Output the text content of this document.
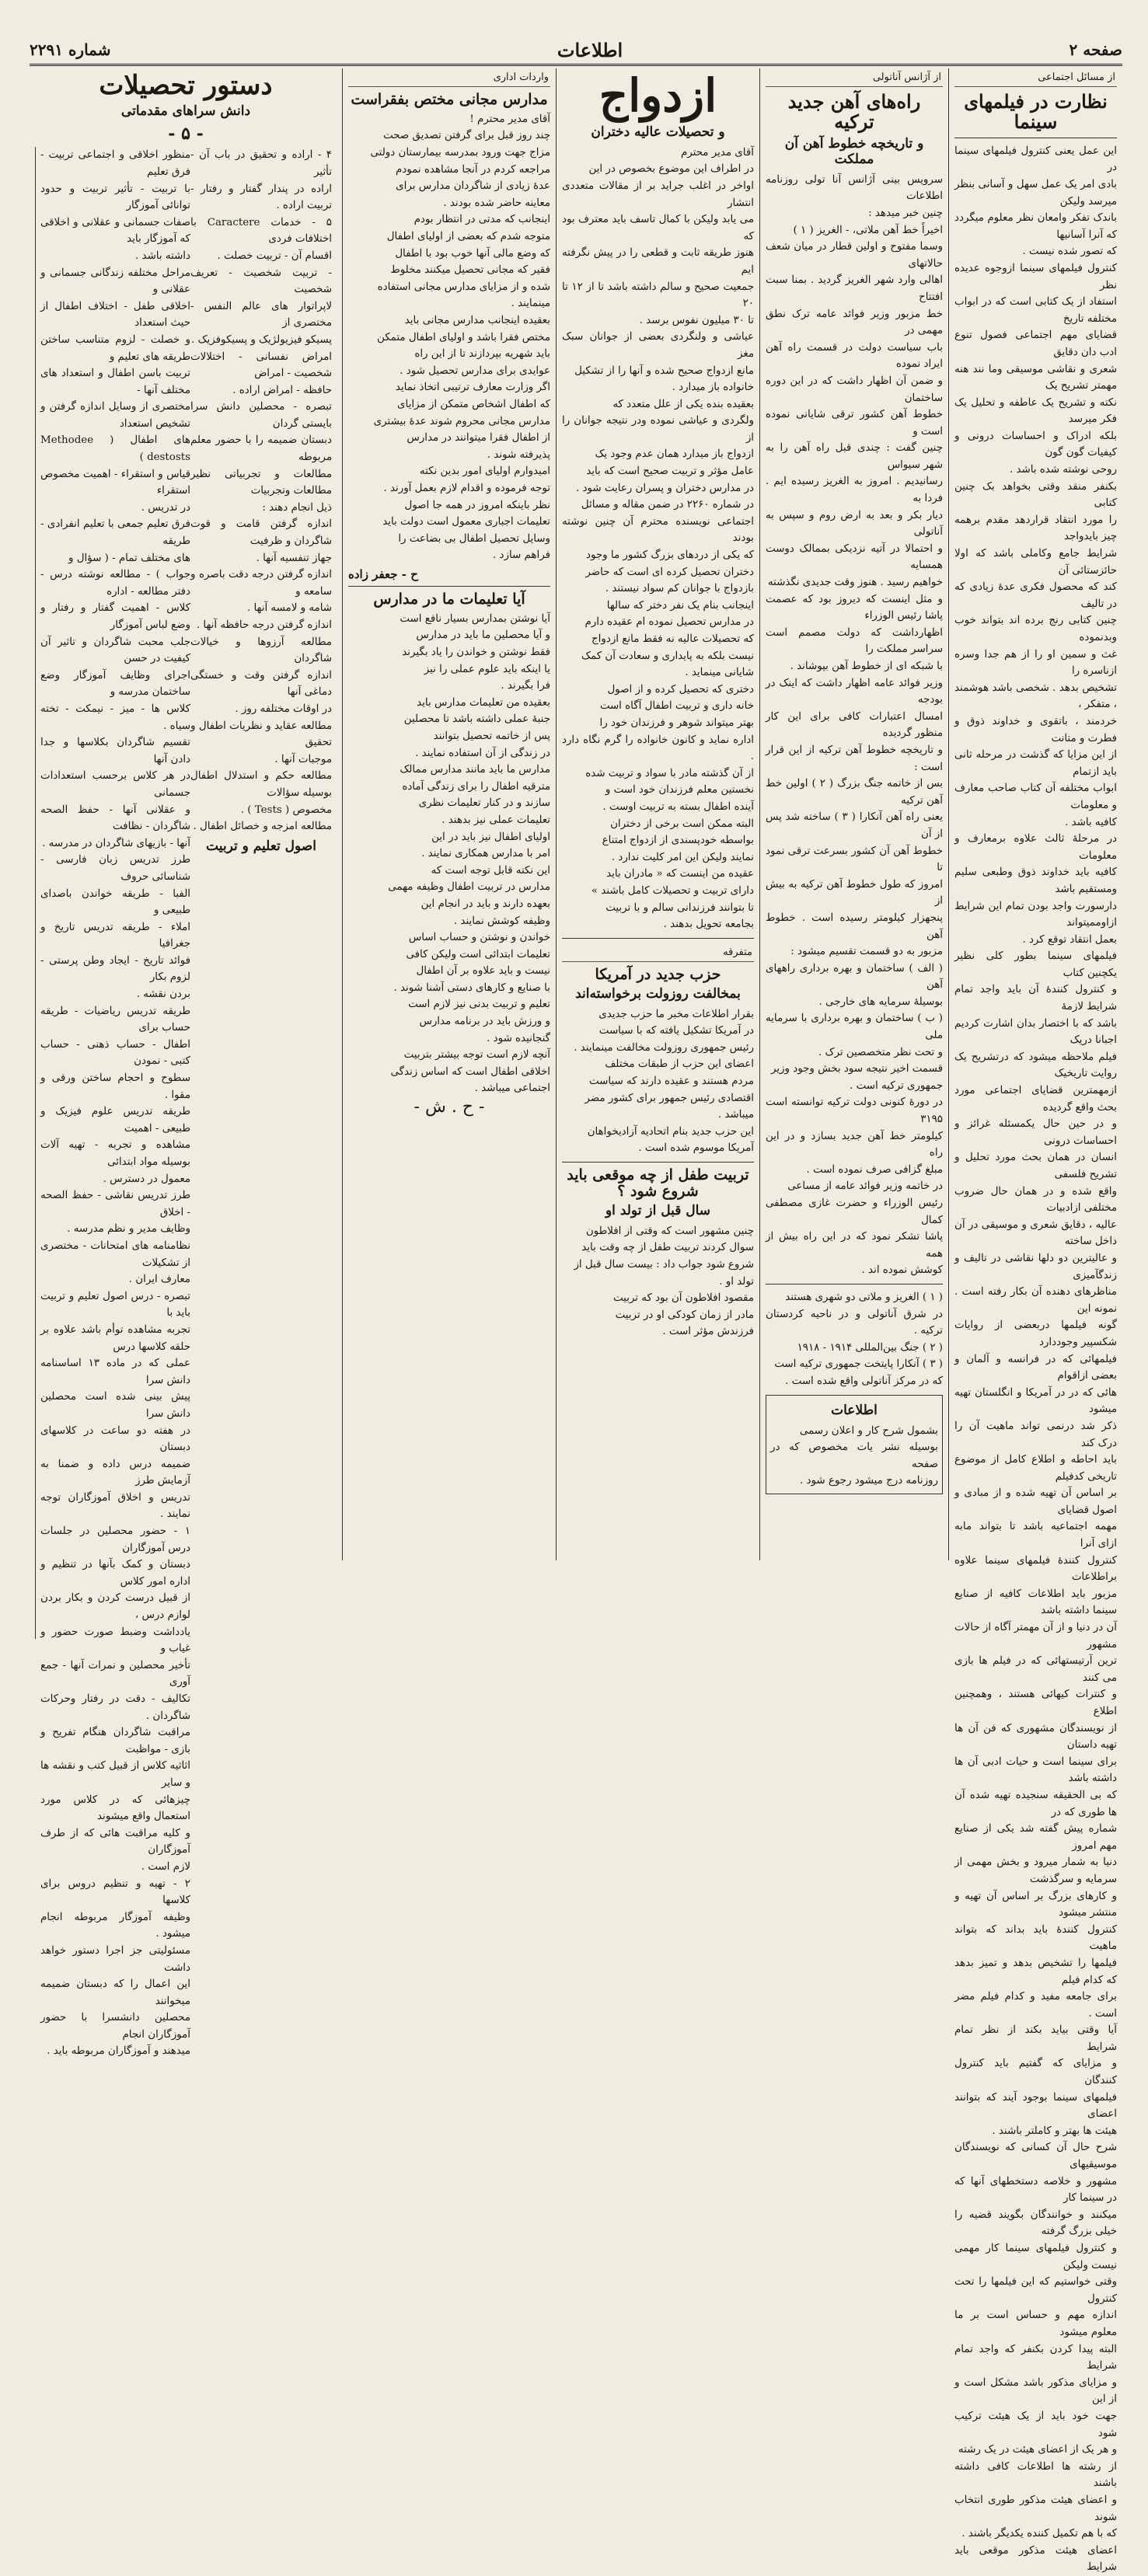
صفحه ۲
اطلاعات
شماره ۲۲۹۱
از مسائل اجتماعی
نظارت در فیلمهای سینما
این عمل یعنی کنترول فیلمهای سینما در
بادی امر یک عمل سهل و آسانی بنظر میرسد ولیکن
باندک تفکر وامعان نظر معلوم میگردد که آنرا آسانیها
که تصور شده نیست .
کنترول فیلمهای سینما ازوجوه عدیده نظر
استفاد از یک کتابی است که در ابواب مختلفه تاریخ
قضایای مهم اجتماعی فصول تنوع ادب دان دقایق
شعری و نقاشی موسیقی وما نند هنه مهمتر تشریح یک
نکته و تشریح یک عاطفه و تحلیل یک فکر میرسد
بلکه ادراک و احساسات درونی و کیفیات گون گون
روحی نوشته شده باشد .
بکنفر منقد وقتی بخواهد بک چنین کتابی
را مورد انتقاد قراردهد مقدم برهمه چیز بایدواجد
شرایط جامع وکاملی باشد که اولا حائزستائی آن
کند که محصول فکری عدۀ زیادی که در تالیف
چنین کتابی رنج برده اند بتواند خوب وبدنموده
غث و سمین او را از هم جدا وسره ازناسره را
تشخیص بدهد . شخصی باشد هوشمند ، متفکر ،
خردمند ، باتقوی و خداوند ذوق و فطرت و متانت
از این مزایا که گذشت در مرحله ثانی باید ازتمام
ابواب مختلفه آن کتاب صاحب معارف و معلومات
کافیه باشد .
در مرحلۀ ثالث علاوه برمعارف و معلومات
کافیه باید خداوند ذوق وطبعی سلیم ومستقیم باشد
دارسورت واجد بودن تمام این شرایط ازاوممیتواند
بعمل انتقاد توقع کرد .
فیلمهای سینما بطور کلی نظیر یکچنین کتاب
و کنترول کنندۀ آن باید واجد تمام شرایط لازمۀ
باشد که با اختصار بدان اشارت کردیم اجبانا دریک
فیلم ملاحظه میشود که درتشریح یک روایت تاریخیک
ازمهمترین قضایای اجتماعی مورد بحث واقع گردیده
و در حین حال یکمسئله غرائز و احساسات درونی
انسان در همان بحث مورد تحلیل و تشریح فلسفی
واقع شده و در همان حال ضروب مختلفی ازادبیات
عالیه ، دقایق شعری و موسیقی در آن داخل ساخته
و عالیترین دو دلها نقاشی در تالیف و زندگآمیزی
مناظرهای دهنده آن بکار رفته است . نمونه این
گونه فیلمها دربعضی از روایات شکسپیر وجوددارد
فیلمهائی که در فرانسه و آلمان و بعضی ازاقوام
هائی که در در آمریکا و انگلستان تهیه میشود
ذکر شد درنمی تواند ماهیت آن را درک کند
باید احاطه و اطلاع کامل از موضوع تاریخی کدفیلم
بر اساس آن تهیه شده و از مبادی و اصول قضایای
مهمه اجتماعیه باشد تا بتواند مابه ازای آنرا
کنترول کنندۀ فیلمهای سینما علاوه براطلاعات
مزبور باید اطلاعات کافیه از صنایع سینما داشته باشد
آن در دنیا و از آن مهمتر آگاه از حالات مشهور
ترین آرتیستهائی که در فیلم ها بازی می کنند
و کنترات کیهائی هستند ، وهمچنین اطلاع
از نویسندگان مشهوری که فن آن ها تهیه داستان
برای سینما است و حیات ادبی آن ها داشته باشد
که بی الحقیقه سنجیده تهیه شده آن ها طوری که در
شماره پیش گفته شد یکی از صنایع مهم امروز
دنیا به شمار میرود و بخش مهمی از سرمایه و سرگذشت
و کارهای بزرگ بر اساس آن تهیه و منتشر میشود
کنترول کنندۀ باید بداند که بتواند ماهیت
فیلمها را تشخیص بدهد و تمیز بدهد که کدام فیلم
برای جامعه مفید و کدام فیلم مضر است .
آیا وقتی بیاید بکند از نظر تمام شرایط
و مزایای که گفتیم باید کنترول کنندگان
فیلمهای سینما بوجود آیند که بتوانند اعضای
هیئت ها بهتر و کاملتر باشند .
شرح حال آن کسانی که نویسندگان موسیقیهای
مشهور و خلاصه دستخطهای آنها که در سینما کار
میکنند و خوانندگان بگویند قضیه را خیلی بزرگ گرفته
و کنترول فیلمهای سینما کار مهمی نیست ولیکن
وقتی خواستیم که این فیلمها را تحت کنترول
اندازه مهم و حساس است بر ما معلوم میشود
البته پیدا کردن بکنفر که واجد تمام شرایط
و مزایای مذکور باشد مشکل است و از این
جهت خود باید از یک هیئت ترکیب شود
و هر یک از اعضای هیئت در یک رشته
از رشته ها اطلاعات کافی داشته باشند
و اعضای هیئت مذکور طوری انتخاب شوند
که با هم تکمیل کننده یکدیگر باشند .
اعضای هیئت مذکور موقعی باید شرایط
از آژانس آناتولی
راه‌های آهن جدید ترکیه
و تاریخچه خطوط آهن آن مملکت
سرویس بینی آژانس آنا تولی روزنامه اطلاعات
چنین خبر میدهد :
اخیراً خط آهن ملاتی، - الغریز ( ۱ )
وسما مفتوح و اولین قطار در میان شعف حالاتهای
اهالی وارد شهر الغریز گردید . بمنا سبت افتتاح
خط مزبور وزیر فوائد عامه ترک نطق مهمی در
باب سیاست دولت در قسمت راه آهن ایراد نموده
و ضمن آن اظهار داشت که در این دوره ساختمان
خطوط آهن کشور ترقی شایانی نموده است و
چنین گفت : چندی قبل راه آهن را به شهر سیواس
رسانیدیم . امروز به الغریز رسیده ایم . فردا به
دیار بکر و بعد به ارض روم و سپس به آناتولی
و احتمالا در آتیه نزدیکی بممالک دوست همسایه
خواهیم رسید . هنوز وقت جدیدی نگذشته
و مثل اینست که دیروز بود که عصمت پاشا رئیس الوزراء
اظهارداشت که دولت مصمم است سراسر مملکت را
با شبکه ای از خطوط آهن بپوشاند .
وزیر فوائد عامه اظهار داشت که اینک در بودجه
امسال اعتبارات کافی برای این کار منظور گردیده
و تاریخچه خطوط آهن ترکیه از این قرار است :
بس از خاتمه جنگ بزرگ ( ۲ ) اولین خط آهن ترکیه
یعنی راه آهن آنکارا ( ۳ ) ساخته شد پس از آن
خطوط آهن آن کشور بسرعت ترقی نمود تا
امروز که طول خطوط آهن ترکیه به بیش از
پنجهزار کیلومتر رسیده است . خطوط آهن
مزبور به دو قسمت تقسیم میشود :
( الف ) ساختمان و بهره برداری راههای آهن
بوسیلۀ سرمایه های خارجی .
( ب ) ساختمان و بهره برداری با سرمایه ملی
و تحت نظر متخصصین ترک .
قسمت اخیر نتیجه سود بخش وجود وزیر
جمهوری ترکیه است .
در دورۀ کنونی دولت ترکیه توانسته است ۳۱۹۵
کیلومتر خط آهن جدید بسازد و در این راه
مبلغ گزافی صرف نموده است .
در خاتمه وزیر فوائد عامه از مساعی
رئیس الوزراء و حضرت غازی مصطفی کمال
پاشا تشکر نمود که در این راه بیش از همه
کوشش نموده اند .
( ۱ ) الغریز و ملاتی دو شهری هستند
در شرق آناتولی و در ناحیه کردستان ترکیه .
( ۲ ) جنگ بین‌المللی ۱۹۱۴ - ۱۹۱۸
( ۳ ) آنکارا پایتخت جمهوری ترکیه است
که در مرکز آناتولی واقع شده است .
اطلاعات
بشمول شرح کار و اعلان رسمی
بوسیله نشر یات مخصوص که در صفحه
روزنامه درج میشود رجوع شود .
ازدواج
و تحصیلات عالیه دختران
آقای مدیر محترم
در اطراف این موضوع بخصوص در این
اواخر در اغلب جراید بر از مقالات متعددی انتشار
می یابد ولیکن با کمال تاسف باید معترف بود که
هنوز طریقه ثابت و قطعی را در پیش نگرفته ایم
جمعیت صحیح و سالم داشته باشد تا از ۱۲ تا ۲۰
تا ۳۰ میلیون نفوس برسد .
عیاشی و ولنگردی بعضی از جوانان سبک مغز
مانع ازدواج صحیح شده و آنها را از تشکیل
خانواده باز میدارد .
بعقیده بنده یکی از علل متعدد که
ولگردی و عیاشی نموده ودر نتیجه جوانان را از
ازدواج باز میدارد همان عدم وجود یک
عامل مؤثر و تربیت صحیح است که باید
در مدارس دختران و پسران رعایت شود .
در شماره ۲۲۶۰ در ضمن مقاله و مسائل
اجتماعی نویسنده محترم آن چنین نوشته بودند
که یکی از دردهای بزرگ کشور ما وجود
دختران تحصیل کرده ای است که حاضر
بازدواج با جوانان کم سواد نیستند .
اینجانب بنام یک نفر دختر که سالها
در مدارس تحصیل نموده ام عقیده دارم
که تحصیلات عالیه نه فقط مانع ازدواج
نیست بلکه به پایداری و سعادت آن کمک
شایانی مینماید .
دختری که تحصیل کرده و از اصول
خانه داری و تربیت اطفال آگاه است
بهتر میتواند شوهر و فرزندان خود را
اداره نماید و کانون خانواده را گرم نگاه دارد .
از آن گذشته مادر با سواد و تربیت شده
نخستین معلم فرزندان خود است و
آینده اطفال بسته به تربیت اوست .
البته ممکن است برخی از دختران
بواسطه خودپسندی از ازدواج امتناع
نمایند ولیکن این امر کلیت ندارد .
عقیده من اینست که « مادران باید
دارای تربیت و تحصیلات کامل باشند »
تا بتوانند فرزندانی سالم و با تربیت
بجامعه تحویل بدهند .
متفرقه
حزب جدید در آمریکا
بمخالفت روزولت برخواسته‌اند
بقرار اطلاعات مخبر ما حزب جدیدی
در آمریکا تشکیل یافته که با سیاست
رئیس جمهوری روزولت مخالفت مینمایند .
اعضای این حزب از طبقات مختلف
مردم هستند و عقیده دارند که سیاست
اقتصادی رئیس جمهور برای کشور مضر
میباشد .
این حزب جدید بنام اتحادیه آزادیخواهان
آمریکا موسوم شده است .
تربیت طفل از چه موقعی باید شروع شود ؟
سال قبل از تولد او
چنین مشهور است که وقتی از افلاطون
سوال کردند تربیت طفل از چه وقت باید
شروع شود جواب داد : بیست سال قبل از
تولد او .
مقصود افلاطون آن بود که تربیت
مادر از زمان کودکی او در تربیت
فرزندش مؤثر است .
واردات اداری
مدارس مجانی مختص بفقراست
آقای مدیر محترم !
چند روز قبل برای گرفتن تصدیق صحت
مزاج جهت ورود بمدرسه بیمارستان دولتی
مراجعه کردم در آنجا مشاهده نمودم
عدۀ زیادی از شاگردان مدارس برای
معاینه حاضر شده بودند .
اینجانب که مدتی در انتظار بودم
متوجه شدم که بعضی از اولیای اطفال
که وضع مالی آنها خوب بود با اطفال
فقیر که مجانی تحصیل میکنند مخلوط
شده و از مزایای مدارس مجانی استفاده
مینمایند .
بعقیده اینجانب مدارس مجانی باید
مختص فقرا باشد و اولیای اطفال متمکن
باید شهریه بپردازند تا از این راه
عوایدی برای مدارس تحصیل شود .
اگر وزارت معارف ترتیبی اتخاذ نماید
که اطفال اشخاص متمکن از مزایای
مدارس مجانی محروم شوند عدۀ بیشتری
از اطفال فقرا میتوانند در مدارس
پذیرفته شوند .
امیدوارم اولیای امور بدین نکته
توجه فرموده و اقدام لازم بعمل آورند .
نظر باینکه امروز در همه جا اصول
تعلیمات اجباری معمول است دولت باید
وسایل تحصیل اطفال بی بضاعت را
فراهم سازد .
ح - جعفر زاده
آیا تعلیمات ما در مدارس
آیا نوشتن بمدارس بسیار نافع است
و آیا محصلین ما باید در مدارس
فقط نوشتن و خواندن را یاد بگیرند
یا اینکه باید علوم عملی را نیز
فرا بگیرند .
بعقیده من تعلیمات مدارس باید
جنبۀ عملی داشته باشد تا محصلین
پس از خاتمه تحصیل بتوانند
در زندگی از آن استفاده نمایند .
مدارس ما باید مانند مدارس ممالک
مترقیه اطفال را برای زندگی آماده
سازند و در کنار تعلیمات نظری
تعلیمات عملی نیز بدهند .
اولیای اطفال نیز باید در این
امر با مدارس همکاری نمایند .
این نکته قابل توجه است که
مدارس در تربیت اطفال وظیفه مهمی
بعهده دارند و باید در انجام این
وظیفه کوشش نمایند .
خواندن و نوشتن و حساب اساس
تعلیمات ابتدائی است ولیکن کافی
نیست و باید علاوه بر آن اطفال
با صنایع و کارهای دستی آشنا شوند .
تعلیم و تربیت بدنی نیز لازم است
و ورزش باید در برنامه مدارس
گنجانیده شود .
آنچه لازم است توجه بیشتر بتربیت
اخلاقی اطفال است که اساس زندگی
اجتماعی میباشد .
- ح . ش -
دستور تحصیلات
دانش سراهای مقدماتی
- ۵ -
۴ - اراده و تحقیق در باب آن - تأثیر
اراده در پندار گفتار و رفتار - تربیت اراده .
۵ - خدمات Caractere با اختلافات فردی
اقسام آن - تربیت خصلت .
- تربیت شخصیت - تعریف شخصیت
لاپراتوار های عالم النفس - مختصری از
پسیکو فیزیولژیک و پسیکوفزیک .
امراض نفسانی - اختلالات شخصیت - امراض
حافظه - امراض اراده .
تبصره - محصلین دانش سرا بایستی گردان
دبستان ضمیمه را با حضور معلم مربوطه
مطالعات و تجربیاتی نظیر مطالعات وتجربیات
ذیل انجام دهند :
اندازه گرفتن قامت و قوت شاگردان و ظرفیت
جهاز تنفسیه آنها .
اندازه گرفتن درجه دقت باصره و سامعه و
شامه و لامسه آنها .
اندازه گرفتن درجه حافظه آنها .
مطالعه آرزوها و خیالات شاگردان
اندازه گرفتن وقت و خستگی دماغی آنها
در اوقات مختلفه روز .
مطالعه عقاید و نظریات اطفال و تحقیق
موجبات آنها .
مطالعه حکم و استدلال اطفال بوسیله سؤالات
مخصوص ( Tests ) .
مطالعه امزجه و خصائل اطفال .
اصول تعلیم و تربیت
منظور اخلاقی و اجتماعی تربیت - فرق تعلیم
با تربیت - تأثیر تربیت و حدود توانائی آموزگار
صفات جسمانی و عقلانی و اخلاقی که آموزگار باید
داشته باشد .
مراحل مختلفه زندگانی جسمانی و عقلانی و
اخلاقی طفل - اختلاف اطفال از حیث استعداد
و خصلت - لزوم متناسب ساختن طریقه های تعلیم و
تربیت باسن اطفال و استعداد های مختلف آنها -
مختصری از وسایل اندازه گرفتن و تشخیص استعداد
های اطفال ( Methodee destosts )
قیاس و استقراء - اهمیت مخصوص استقراء
در تدریس .
فرق تعلیم جمعی با تعلیم انفرادی - طریقه
های مختلف تمام - ( سؤال و
جواب ) - مطالعه نوشته درس - دفتر مطالعه - اداره
کلاس - اهمیت گفتار و رفتار و وضع لباس آموزگار
جلب محبت شاگردان و تاثیر آن کیفیت در حسن
اجرای وظایف آموزگار وضع ساختمان مدرسه و
کلاس ها - میز - نیمکت - تخته سیاه .
تقسیم شاگردان بکلاسها و جدا دادن آنها
در هر کلاس برحسب استعدادات جسمانی
و عقلانی آنها - حفظ الصحه شاگردان - نظافت
آنها - بازیهای شاگردان در مدرسه .
طرز تدریس زبان فارسی - شناسائی حروف
الفبا - طریقه خواندن باصدای طبیعی و
املاء - طریقه تدریس تاریخ و جغرافیا
فوائد تاریخ - ایجاد وطن پرستی - لزوم بکار
بردن نقشه .
طریقه تدریس ریاضیات - طریقه حساب برای
اطفال - حساب ذهنی - حساب کتبی - نمودن
سطوح و احجام ساختن ورقی و مقوا .
طریقه تدریس علوم فیزیک و طبیعی - اهمیت
مشاهده و تجربه - تهیه آلات بوسیله مواد ابتدائی
معمول در دسترس .
طرز تدریس نقاشی - حفظ الصحه - اخلاق
وظایف مدیر و نظم مدرسه .
نظامنامه های امتحانات - مختصری از تشکیلات
معارف ایران .
تبصره - درس اصول تعلیم و تربیت باید با
تجربه مشاهده توأم باشد علاوه بر حلقه کلاسها درس
عملی که در ماده ۱۳ اساسنامه دانش سرا
پیش بینی شده است محصلین دانش سرا
در هفته دو ساعت در کلاسهای دبستان
ضمیمه درس داده و ضمنا به آزمایش طرز
تدریس و اخلاق آموزگاران توجه نمایند .
۱ - حضور محصلین در جلسات درس آموزگاران
دبستان و کمک بآنها در تنظیم و اداره امور کلاس
از قبیل درست کردن و بکار بردن لوازم درس ،
یادداشت وضبط صورت حضور و غیاب و
تأخیر محصلین و نمرات آنها - جمع آوری
تکالیف - دقت در رفتار وحرکات شاگردان .
مراقبت شاگردان هنگام تفریح و بازی - مواظبت
اثاثیه کلاس از قبیل کتب و نقشه ها و سایر
چیزهائی که در کلاس مورد استعمال واقع میشوند
و کلیه مراقبت هائی که از طرف آموزگاران
لازم است .
۲ - تهیه و تنظیم دروس برای کلاسها
وظیفه آموزگار مربوطه انجام میشود .
مسئولیتی جز اجرا دستور خواهد داشت
این اعمال را که دبستان ضمیمه میخوانند
محصلین دانشسرا با حضور آموزگاران انجام
میدهند و آموزگاران مربوطه باید .
